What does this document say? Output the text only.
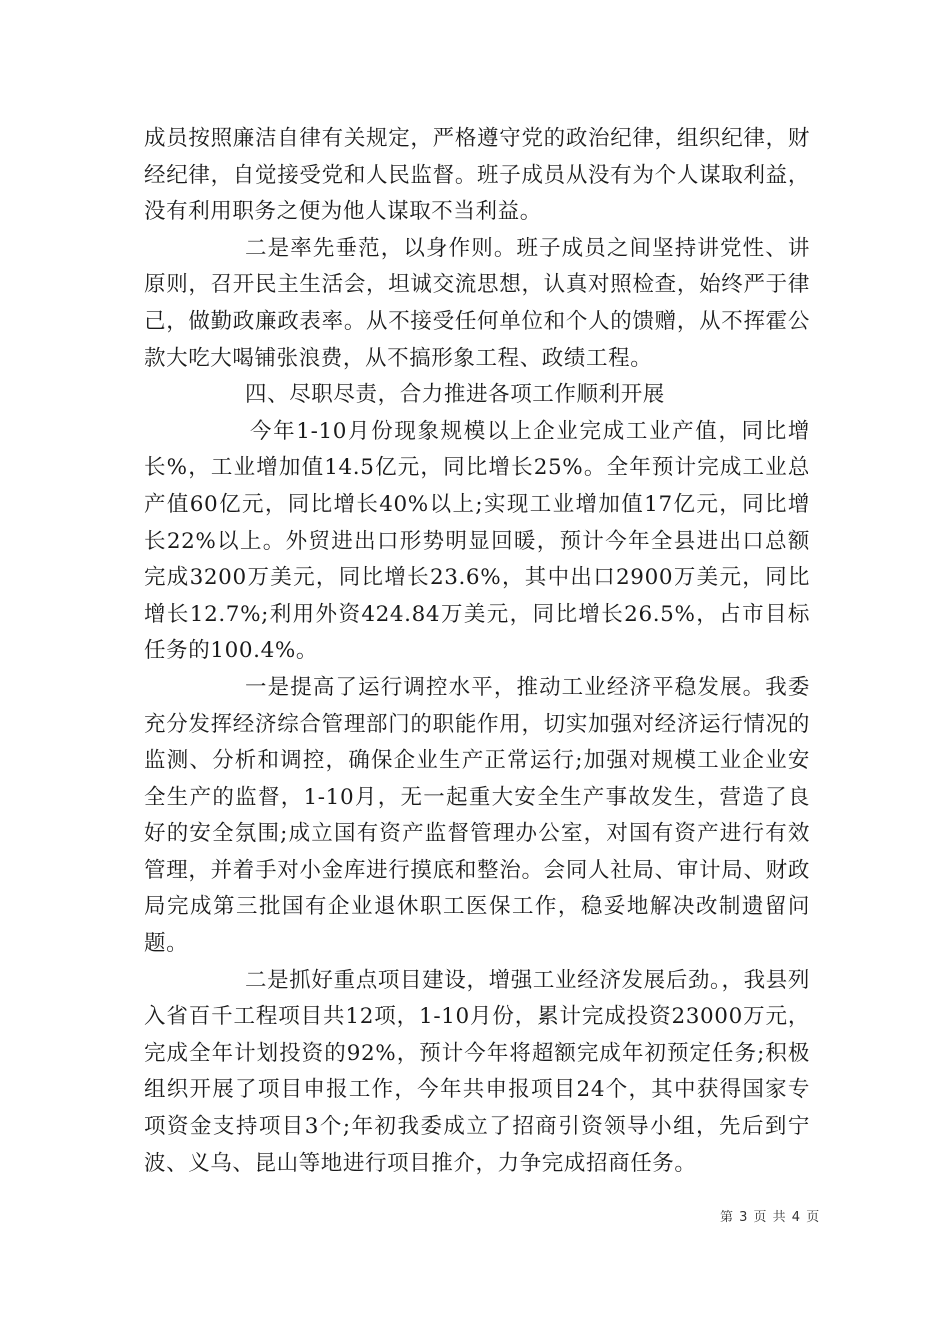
成员按照廉洁自律有关规定，严格遵守党的政治纪律，组织纪律，财经纪律，自觉接受党和人民监督。班子成员从没有为个人谋取利益，没有利用职务之便为他人谋取不当利益。

二是率先垂范，以身作则。班子成员之间坚持讲党性、讲原则，召开民主生活会，坦诚交流思想，认真对照检查，始终严于律己，做勤政廉政表率。从不接受任何单位和个人的馈赠，从不挥霍公款大吃大喝铺张浪费，从不搞形象工程、政绩工程。

四、尽职尽责，合力推进各项工作顺利开展

今年1-10月份现象规模以上企业完成工业产值，同比增长%，工业增加值14.5亿元，同比增长25%。全年预计完成工业总产值60亿元，同比增长40%以上;实现工业增加值17亿元，同比增长22%以上。外贸进出口形势明显回暖，预计今年全县进出口总额完成3200万美元，同比增长23.6%，其中出口2900万美元，同比增长12.7%;利用外资424.84万美元，同比增长26.5%，占市目标任务的100.4%。

一是提高了运行调控水平，推动工业经济平稳发展。我委充分发挥经济综合管理部门的职能作用，切实加强对经济运行情况的监测、分析和调控，确保企业生产正常运行;加强对规模工业企业安全生产的监督，1-10月，无一起重大安全生产事故发生，营造了良好的安全氛围;成立国有资产监督管理办公室，对国有资产进行有效管理，并着手对小金库进行摸底和整治。会同人社局、审计局、财政局完成第三批国有企业退休职工医保工作，稳妥地解决改制遗留问题。

二是抓好重点项目建设，增强工业经济发展后劲。，我县列入省百千工程项目共12项，1-10月份，累计完成投资23000万元，完成全年计划投资的92%，预计今年将超额完成年初预定任务;积极组织开展了项目申报工作，今年共申报项目24个，其中获得国家专项资金支持项目3个;年初我委成立了招商引资领导小组，先后到宁波、义乌、昆山等地进行项目推介，力争完成招商任务。

第 3 页 共 4 页
